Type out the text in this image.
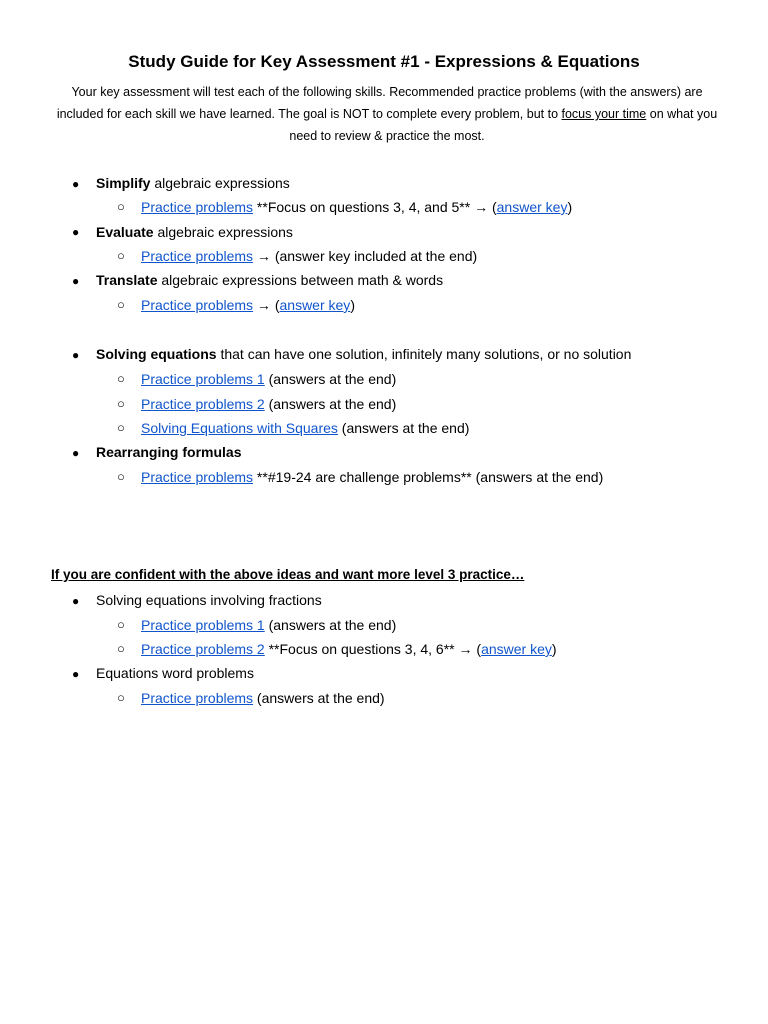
Study Guide for Key Assessment #1 - Expressions & Equations
Your key assessment will test each of the following skills. Recommended practice problems (with the answers) are included for each skill we have learned. The goal is NOT to complete every problem, but to focus your time on what you need to review & practice the most.
● Simplify algebraic expressions
○ Practice problems **Focus on questions 3, 4, and 5** → (answer key)
● Evaluate algebraic expressions
○ Practice problems → (answer key included at the end)
● Translate algebraic expressions between math & words
○ Practice problems → (answer key)
● Solving equations that can have one solution, infinitely many solutions, or no solution
○ Practice problems 1 (answers at the end)
○ Practice problems 2 (answers at the end)
○ Solving Equations with Squares (answers at the end)
● Rearranging formulas
○ Practice problems **#19-24 are challenge problems** (answers at the end)
If you are confident with the above ideas and want more level 3 practice…
● Solving equations involving fractions
○ Practice problems 1 (answers at the end)
○ Practice problems 2 **Focus on questions 3, 4, 6** → (answer key)
● Equations word problems
○ Practice problems (answers at the end)
